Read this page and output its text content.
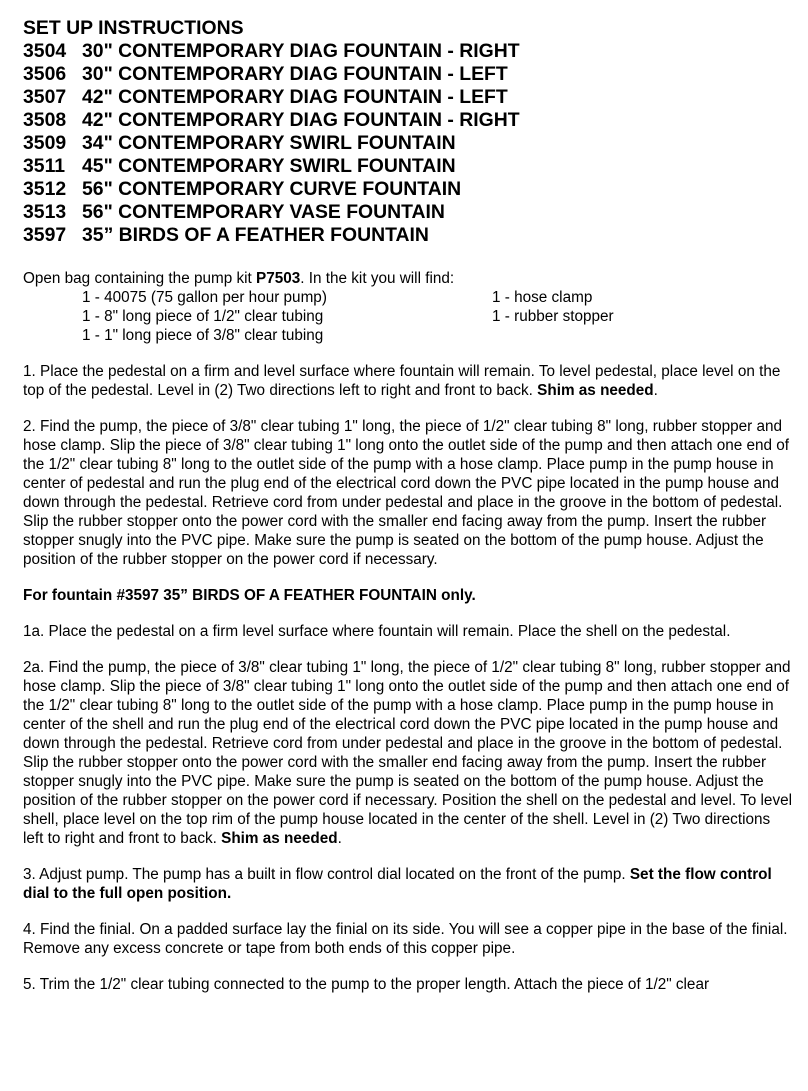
SET UP INSTRUCTIONS
3504 30" CONTEMPORARY DIAG FOUNTAIN - RIGHT
3506 30" CONTEMPORARY DIAG FOUNTAIN - LEFT
3507 42" CONTEMPORARY DIAG FOUNTAIN - LEFT
3508 42" CONTEMPORARY DIAG FOUNTAIN - RIGHT
3509 34" CONTEMPORARY SWIRL FOUNTAIN
3511 45" CONTEMPORARY SWIRL FOUNTAIN
3512 56" CONTEMPORARY CURVE FOUNTAIN
3513 56" CONTEMPORARY VASE FOUNTAIN
3597 35” BIRDS OF A FEATHER FOUNTAIN
Open bag containing the pump kit P7503. In the kit you will find:
1 - 40075 (75 gallon per hour pump)	1 - hose clamp
1 - 8" long piece of 1/2" clear tubing	1 - rubber stopper
1 - 1" long piece of 3/8" clear tubing

1. Place the pedestal on a firm and level surface where fountain will remain. To level pedestal, place level on the top of the pedestal. Level in (2) Two directions left to right and front to back. Shim as needed.

2. Find the pump, the piece of 3/8" clear tubing 1" long, the piece of 1/2" clear tubing 8" long, rubber stopper and hose clamp. Slip the piece of 3/8" clear tubing 1" long onto the outlet side of the pump and then attach one end of the 1/2" clear tubing 8" long to the outlet side of the pump with a hose clamp. Place pump in the pump house in center of pedestal and run the plug end of the electrical cord down the PVC pipe located in the pump house and down through the pedestal. Retrieve cord from under pedestal and place in the groove in the bottom of pedestal. Slip the rubber stopper onto the power cord with the smaller end facing away from the pump. Insert the rubber stopper snugly into the PVC pipe. Make sure the pump is seated on the bottom of the pump house. Adjust the position of the rubber stopper on the power cord if necessary.

For fountain #3597 35” BIRDS OF A FEATHER FOUNTAIN only.

1a. Place the pedestal on a firm level surface where fountain will remain. Place the shell on the pedestal.

2a. Find the pump, the piece of 3/8" clear tubing 1" long, the piece of 1/2" clear tubing 8" long, rubber stopper and hose clamp. Slip the piece of 3/8" clear tubing 1" long onto the outlet side of the pump and then attach one end of the 1/2" clear tubing 8" long to the outlet side of the pump with a hose clamp. Place pump in the pump house in center of the shell and run the plug end of the electrical cord down the PVC pipe located in the pump house and down through the pedestal. Retrieve cord from under pedestal and place in the groove in the bottom of pedestal. Slip the rubber stopper onto the power cord with the smaller end facing away from the pump. Insert the rubber stopper snugly into the PVC pipe. Make sure the pump is seated on the bottom of the pump house. Adjust the position of the rubber stopper on the power cord if necessary. Position the shell on the pedestal and level. To level shell, place level on the top rim of the pump house located in the center of the shell. Level in (2) Two directions left to right and front to back. Shim as needed.

3. Adjust pump. The pump has a built in flow control dial located on the front of the pump. Set the flow control dial to the full open position.

4. Find the finial. On a padded surface lay the finial on its side. You will see a copper pipe in the base of the finial. Remove any excess concrete or tape from both ends of this copper pipe.

5. Trim the 1/2" clear tubing connected to the pump to the proper length. Attach the piece of 1/2" clear
